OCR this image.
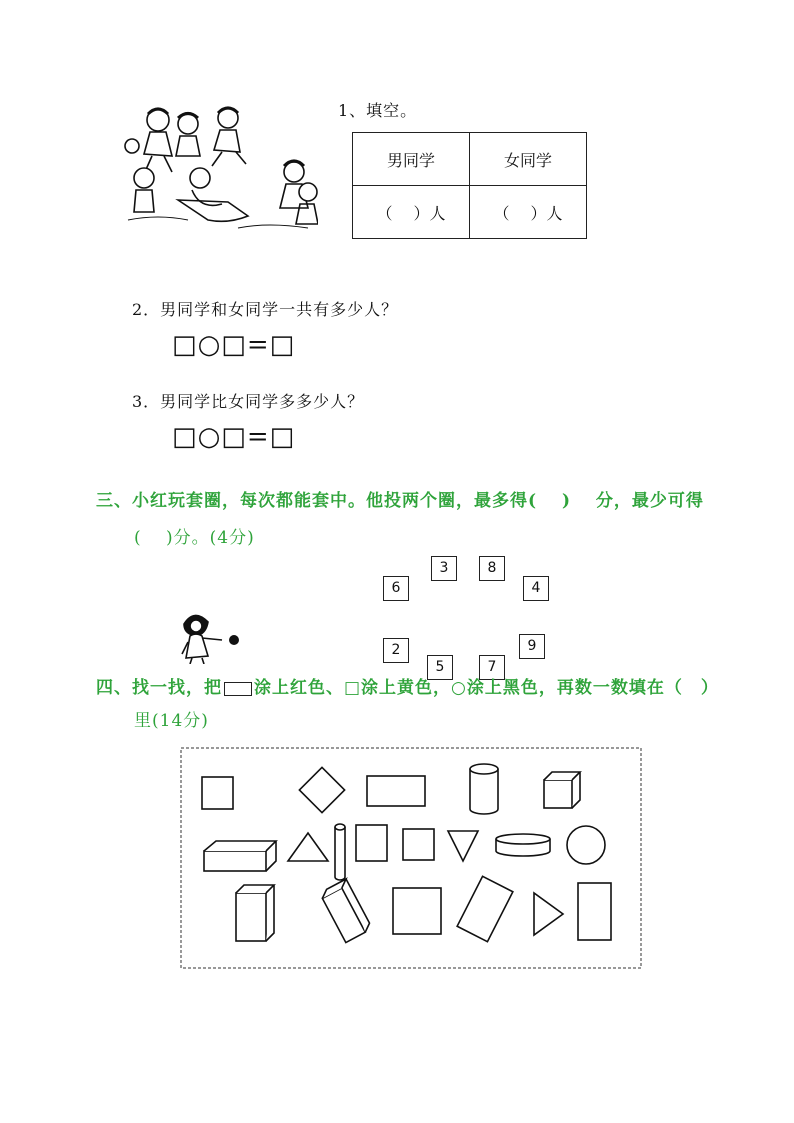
1、填空。
男同学	女同学
（　 ）人	（　 ）人
2．男同学和女同学一共有多少人？
□○□=□
3．男同学比女同学多多少人？
□○□=□
三、小红玩套圈，每次都能套中。他投两个圈，最多得(　 )　 分，最少可得
(　 )分。(4分)
6
3	8
4
2
5	7
9
四、找一找，把 涂上红色、□涂上黄色，○涂上黑色，再数一数填在（　）
里(14分)
